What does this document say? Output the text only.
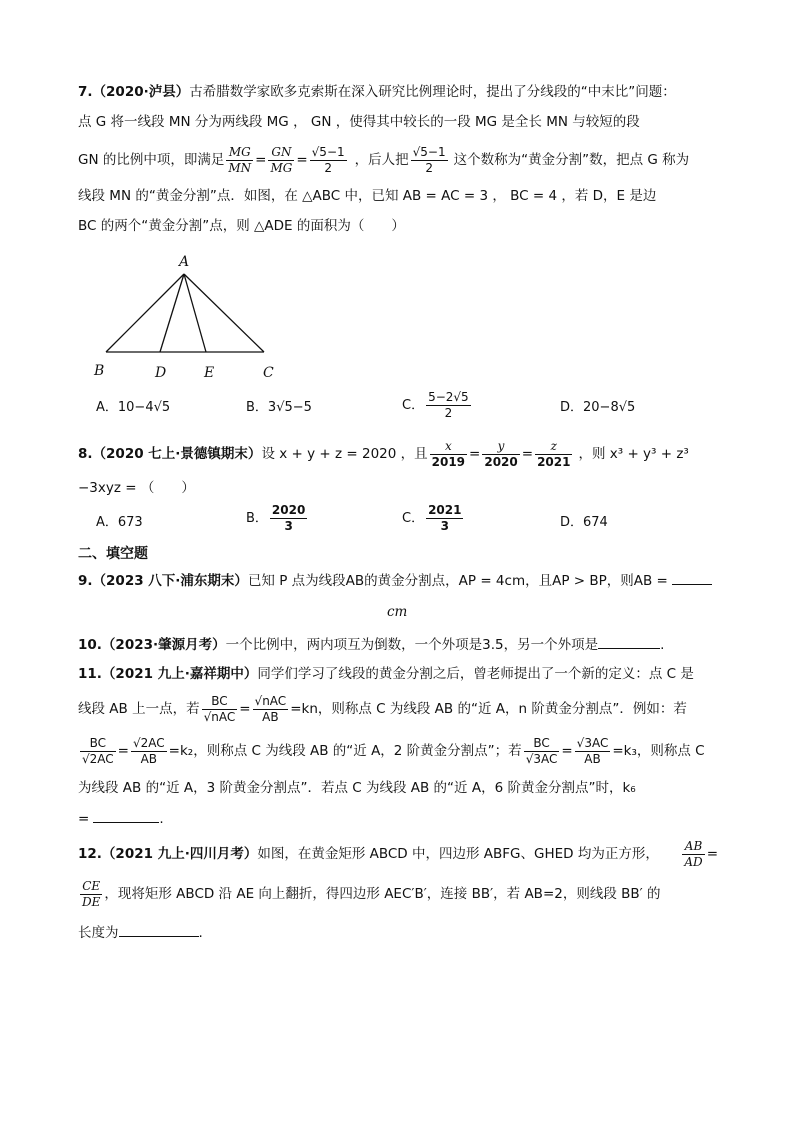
7.（2020·泸县）古希腊数学家欧多克索斯在深入研究比例理论时，提出了分线段的“中末比”问题：
点 G 将一线段 MN 分为两线段 MG ， GN ，使得其中较长的一段 MG 是全长 MN 与较短的段
GN 的比例中项，即满足 $\frac{MG}{MN} = \frac{GN}{MG} = \frac{√5-1}{2}$ ，后人把 $\frac{√5-1}{2}$ 这个数称为“黄金分割”数，把点 G 称为
线段 MN 的“黄金分割”点．如图，在 △ABC 中，已知 AB = AC = 3 ， BC = 4 ，若 D，E 是边
BC 的两个“黄金分割”点，则 △ADE 的面积为（　　）
A
B	D	E	C
A．10−4√5	B．3√5−5	C． $\frac{5-2√5}{2}$	D．20−8√5
8. （2020 七上·景德镇期末） 设 x + y + z = 2020 ，且 $\frac{x}{2019} = \frac{y}{2020} = \frac{z}{2021}$ ，则 x³ + y³ + z³
−3xyz = （　　）
A．673	B． $\frac{2020}{3}$	C． $\frac{2021}{3}$	D．674
二、填空题
9.（2023 八下·浦东期末）已知 P 点为线段AB的黄金分割点，AP = 4cm，且AP > BP，则AB =
cm
10.（2023·肇源月考）一个比例中，两内项互为倒数，一个外项是3.5，另一个外项是	.
11.（2021 九上·嘉祥期中）同学们学习了线段的黄金分割之后，曾老师提出了一个新的定义：点 C 是
线段 AB 上一点，若 $\frac{BC}{\text{√nAC}} = \frac{\text{√nAC}}{AB} =kn$，则称点 C 为线段 AB 的“近 A，n 阶黄金分割点”．例如：若
$\frac{BC}{√2AC} = \frac{√2AC}{AB} =k_2$，则称点 C 为线段 AB 的“近 A，2 阶黄金分割点”；若 $\frac{BC}{√3AC} = \frac{√3AC}{AB} =k_3$，则称点 C
为线段 AB 的“近 A，3 阶黄金分割点”．若点 C 为线段 AB 的“近 A，6 阶黄金分割点”时，k₆
=	.
12. （2021 九上·四川月考） 如图，在黄金矩形 ABCD 中，四边形 ABFG、GHED 均为正方形， $\frac{AB}{AD}$ =
$\frac{CE}{DE}$ ，现将矩形 ABCD 沿 AE 向上翻折，得四边形 AEC′B′，连接 BB′，若 AB=2，则线段 BB′ 的
长度为	.
